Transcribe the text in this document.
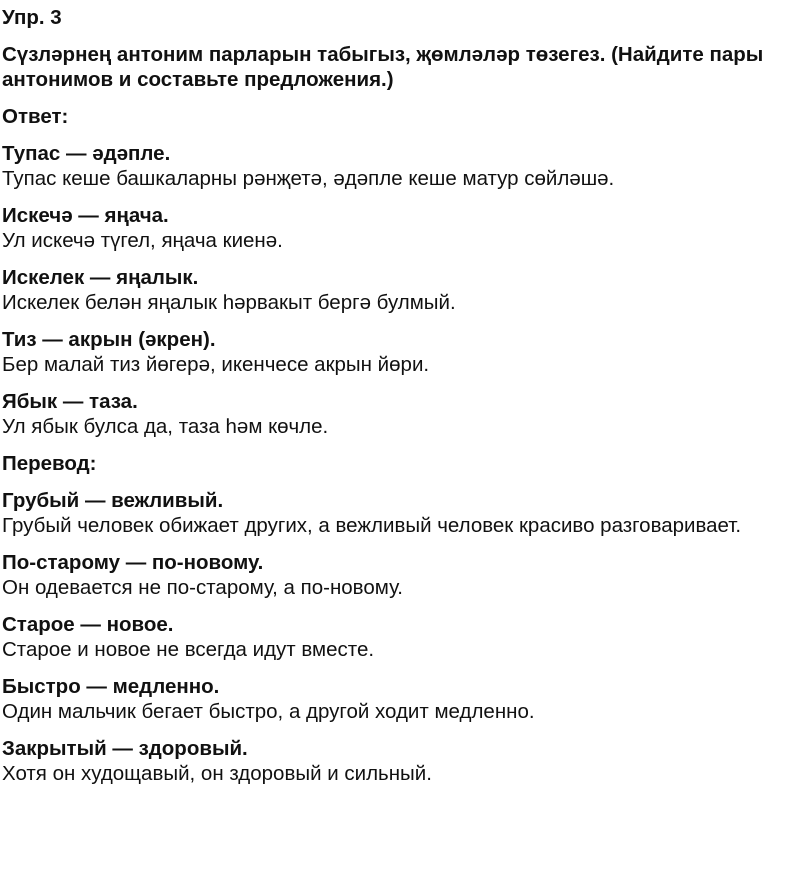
Упр. 3
Сүзләрнең антоним парларын табыгыз, җөмләләр төзегез. (Найдите пары антонимов и составьте предложения.)
Ответ:
Тупас — әдәпле.
Тупас кеше башкаларны рәнҗетә, әдәпле кеше матур сөйләшә.
Искечә — яңача.
Ул искечә түгел, яңача киенә.
Искелек — яңалык.
Искелек белән яңалык һәрвакыт бергә булмый.
Тиз — акрын (әкрен).
Бер малай тиз йөгерә, икенчесе акрын йөри.
Ябык — таза.
Ул ябык булса да, таза һәм көчле.
Перевод:
Грубый — вежливый.
Грубый человек обижает других, а вежливый человек красиво разговаривает.
По-старому — по-новому.
Он одевается не по-старому, а по-новому.
Старое — новое.
Старое и новое не всегда идут вместе.
Быстро — медленно.
Один мальчик бегает быстро, а другой ходит медленно.
Закрытый — здоровый.
Хотя он худощавый, он здоровый и сильный.
